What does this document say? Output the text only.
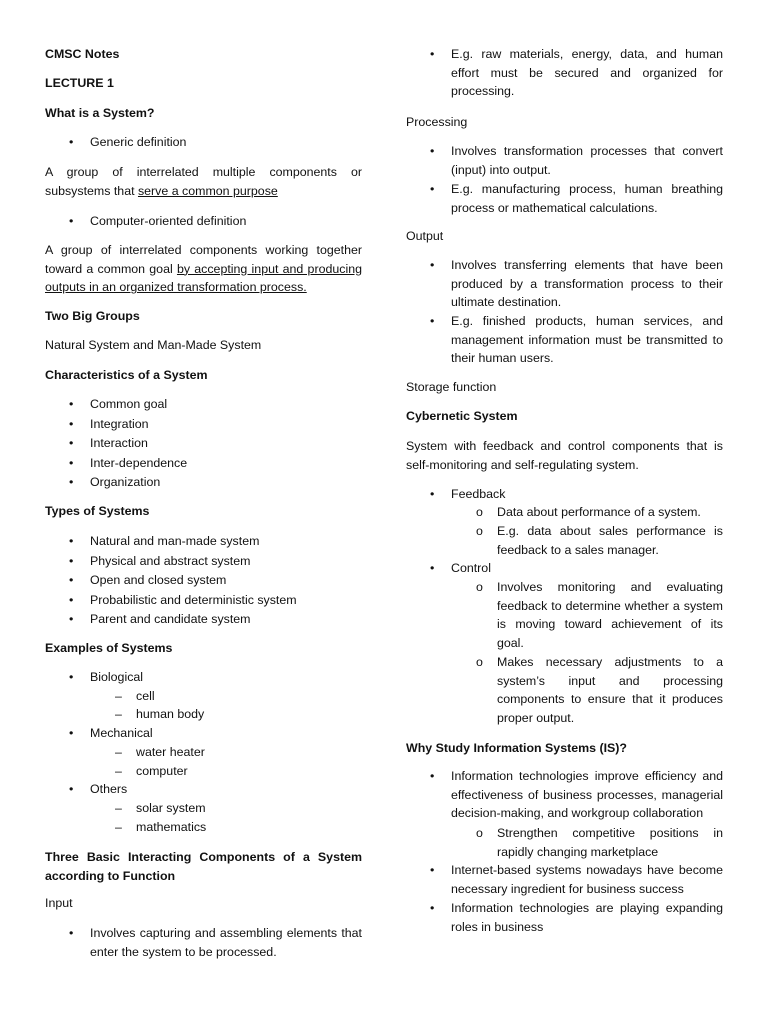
CMSC Notes

LECTURE 1

What is a System?

• Generic definition

A group of interrelated multiple components or subsystems that serve a common purpose

• Computer-oriented definition

A group of interrelated components working together toward a common goal by accepting input and producing outputs in an organized transformation process.

Two Big Groups

Natural System and Man-Made System

Characteristics of a System

• Common goal
• Integration
• Interaction
• Inter-dependence
• Organization

Types of Systems

• Natural and man-made system
• Physical and abstract system
• Open and closed system
• Probabilistic and deterministic system
• Parent and candidate system

Examples of Systems

• Biological
– cell
– human body
• Mechanical
– water heater
– computer
• Others
– solar system
– mathematics

Three Basic Interacting Components of a System according to Function

Input

• Involves capturing and assembling elements that enter the system to be processed.
• E.g. raw materials, energy, data, and human effort must be secured and organized for processing.

Processing

• Involves transformation processes that convert (input) into output.
• E.g. manufacturing process, human breathing process or mathematical calculations.

Output

• Involves transferring elements that have been produced by a transformation process to their ultimate destination.
• E.g. finished products, human services, and management information must be transmitted to their human users.

Storage function

Cybernetic System

System with feedback and control components that is self-monitoring and self-regulating system.

• Feedback
o Data about performance of a system.
o E.g. data about sales performance is feedback to a sales manager.
• Control
o Involves monitoring and evaluating feedback to determine whether a system is moving toward achievement of its goal.
o Makes necessary adjustments to a system’s input and processing components to ensure that it produces proper output.

Why Study Information Systems (IS)?

• Information technologies improve efficiency and effectiveness of business processes, managerial decision-making, and workgroup collaboration
o Strengthen competitive positions in rapidly changing marketplace
• Internet-based systems nowadays have become necessary ingredient for business success
• Information technologies are playing expanding roles in business
